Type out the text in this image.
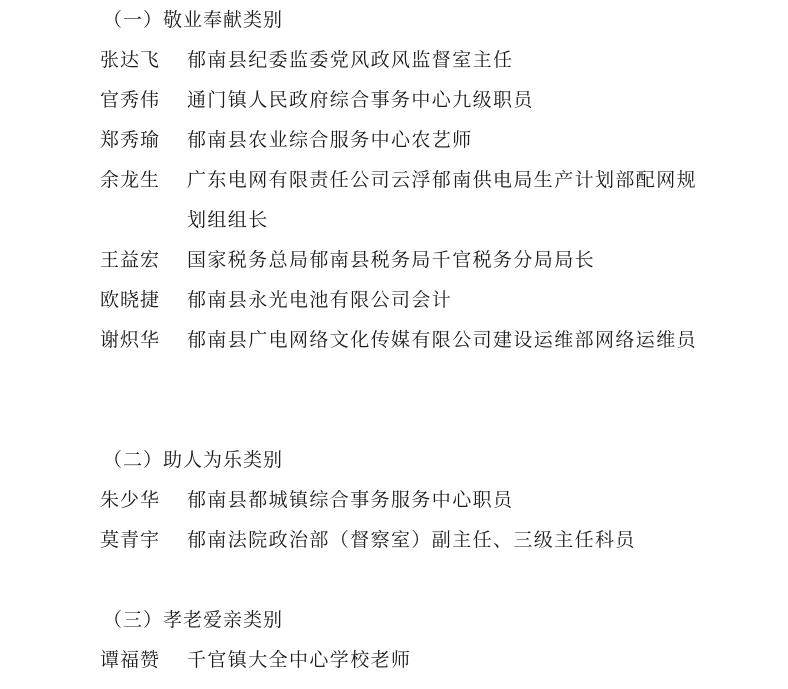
（一）敬业奉献类别
张达飞 郁南县纪委监委党风政风监督室主任
官秀伟 通门镇人民政府综合事务中心九级职员
郑秀瑜 郁南县农业综合服务中心农艺师
余龙生 广东电网有限责任公司云浮郁南供电局生产计划部配网规划组组长
王益宏 国家税务总局郁南县税务局千官税务分局局长
欧晓捷 郁南县永光电池有限公司会计
谢炽华 郁南县广电网络文化传媒有限公司建设运维部网络运维员
（二）助人为乐类别
朱少华 郁南县都城镇综合事务服务中心职员
莫青宇 郁南法院政治部（督察室）副主任、三级主任科员
（三）孝老爱亲类别
谭福赞 千官镇大全中心学校老师
